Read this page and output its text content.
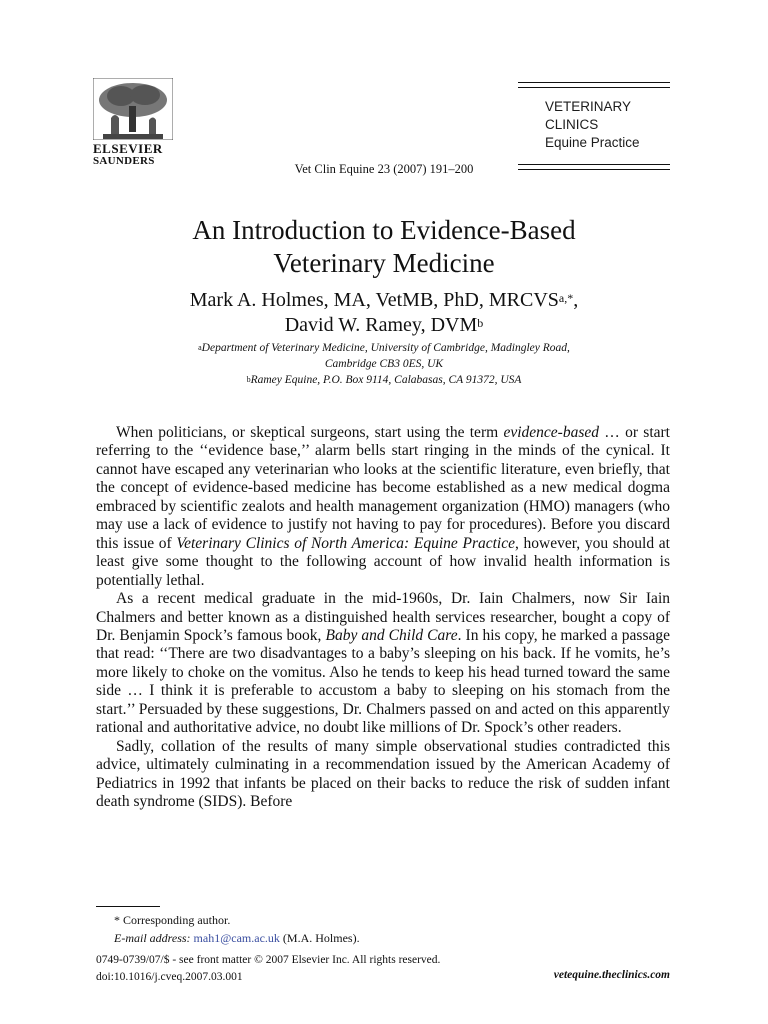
ELSEVIER
SAUNDERS
Vet Clin Equine 23 (2007) 191–200
VETERINARY
CLINICS
Equine Practice
An Introduction to Evidence-Based
Veterinary Medicine
Mark A. Holmes, MA, VetMB, PhD, $MRCVS^{a,*}$,
David W. Ramey, DVM$^b$
$^a$Department of Veterinary Medicine, University of Cambridge, Madingley Road,
Cambridge CB3 0ES, UK
$^b$Ramey Equine, P.O. Box 9114, Calabasas, CA 91372, USA

When politicians, or skeptical surgeons, start using the term evidence-based … or start referring to the ‘‘evidence base,’’ alarm bells start ringing in the minds of the cynical. It cannot have escaped any veterinarian who looks at the scientific literature, even briefly, that the concept of evidence-based medicine has become established as a new medical dogma embraced by scientific zealots and health management organization (HMO) managers (who may use a lack of evidence to justify not having to pay for procedures). Before you discard this issue of Veterinary Clinics of North America: Equine Practice, however, you should at least give some thought to the following account of how invalid health information is potentially lethal.

As a recent medical graduate in the mid-1960s, Dr. Iain Chalmers, now Sir Iain Chalmers and better known as a distinguished health services researcher, bought a copy of Dr. Benjamin Spock’s famous book, Baby and Child Care. In his copy, he marked a passage that read: ‘‘There are two disadvantages to a baby’s sleeping on his back. If he vomits, he’s more likely to choke on the vomitus. Also he tends to keep his head turned toward the same side … I think it is preferable to accustom a baby to sleeping on his stomach from the start.’’ Persuaded by these suggestions, Dr. Chalmers passed on and acted on this apparently rational and authoritative advice, no doubt like millions of Dr. Spock’s other readers.

Sadly, collation of the results of many simple observational studies contradicted this advice, ultimately culminating in a recommendation issued by the American Academy of Pediatrics in 1992 that infants be placed on their backs to reduce the risk of sudden infant death syndrome (SIDS). Before

* Corresponding author.
E-mail address: mah1@cam.ac.uk (M.A. Holmes).
0749-0739/07/$ - see front matter © 2007 Elsevier Inc. All rights reserved.
doi:10.1016/j.cveq.2007.03.001	vetequine.theclinics.com
